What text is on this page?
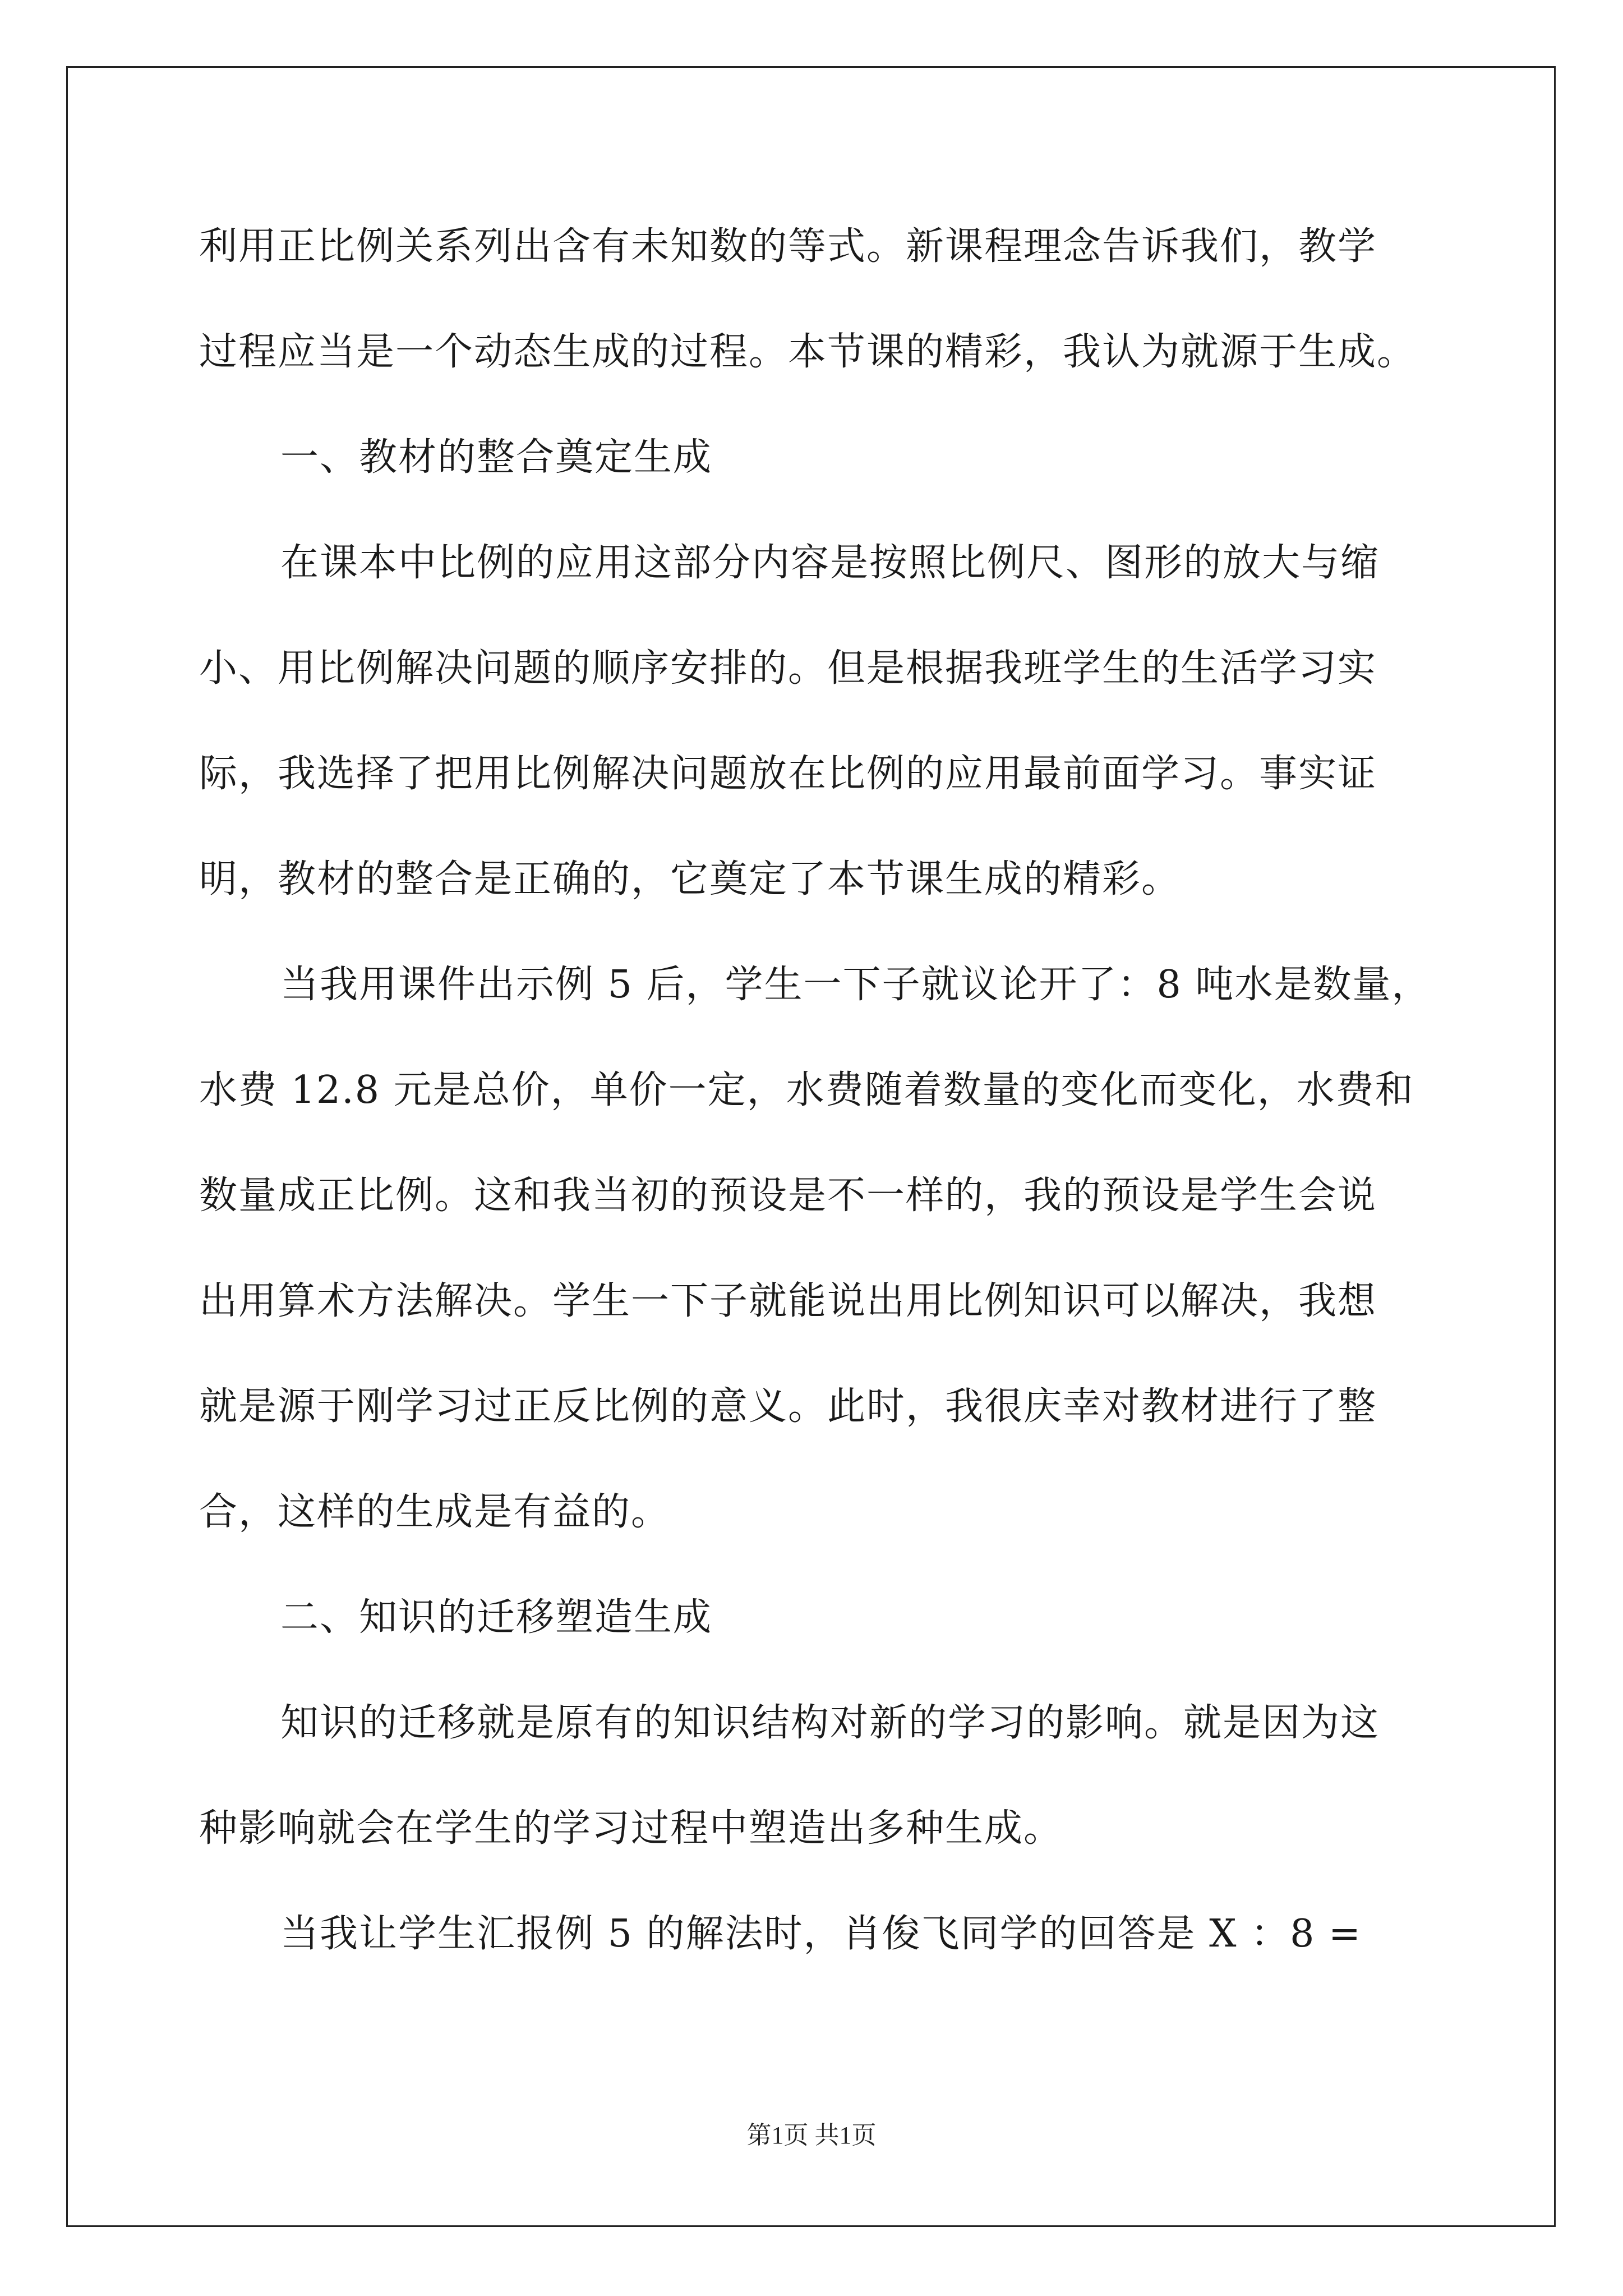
利用正比例关系列出含有未知数的等式。新课程理念告诉我们，教学
过程应当是一个动态生成的过程。本节课的精彩，我认为就源于生成。
一、教材的整合奠定生成
在课本中比例的应用这部分内容是按照比例尺、图形的放大与缩
小、用比例解决问题的顺序安排的。但是根据我班学生的生活学习实
际，我选择了把用比例解决问题放在比例的应用最前面学习。事实证
明，教材的整合是正确的，它奠定了本节课生成的精彩。
当我用课件出示例 5 后，学生一下子就议论开了：8 吨水是数量，
水费 12.8 元是总价，单价一定，水费随着数量的变化而变化，水费和
数量成正比例。这和我当初的预设是不一样的，我的预设是学生会说
出用算术方法解决。学生一下子就能说出用比例知识可以解决，我想
就是源于刚学习过正反比例的意义。此时，我很庆幸对教材进行了整
合，这样的生成是有益的。
二、知识的迁移塑造生成
知识的迁移就是原有的知识结构对新的学习的影响。就是因为这
种影响就会在学生的学习过程中塑造出多种生成。
当我让学生汇报例 5 的解法时，肖俊飞同学的回答是 X ：8 =
第1页 共1页
